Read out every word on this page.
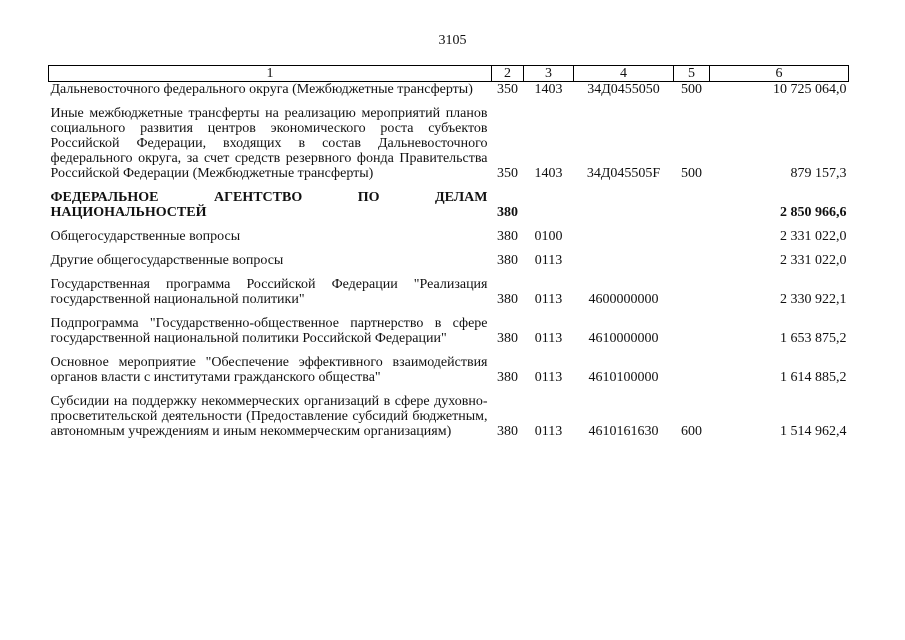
3105
1	2	3	4	5	6
Дальневосточного федерального округа (Межбюджетные трансферты)	350	1403	34Д0455050	500	10 725 064,0
Иные межбюджетные трансферты на реализацию мероприятий планов социального развития центров экономического роста субъектов Российской Федерации, входящих в состав Дальневосточного федерального округа, за счет средств резервного фонда Правительства Российской Федерации (Межбюджетные трансферты)	350	1403	34Д045505F	500	879 157,3
ФЕДЕРАЛЬНОЕ АГЕНТСТВО ПО ДЕЛАМ НАЦИОНАЛЬНОСТЕЙ	380				2 850 966,6
Общегосударственные вопросы	380	0100			2 331 022,0
Другие общегосударственные вопросы	380	0113			2 331 022,0
Государственная программа Российской Федерации "Реализация государственной национальной политики"	380	0113	4600000000		2 330 922,1
Подпрограмма "Государственно-общественное партнерство в сфере государственной национальной политики Российской Федерации"	380	0113	4610000000		1 653 875,2
Основное мероприятие "Обеспечение эффективного взаимодействия органов власти с институтами гражданского общества"	380	0113	4610100000		1 614 885,2
Субсидии на поддержку некоммерческих организаций в сфере духовно-просветительской деятельности (Предоставление субсидий бюджетным, автономным учреждениям и иным некоммерческим организациям)	380	0113	4610161630	600	1 514 962,4
